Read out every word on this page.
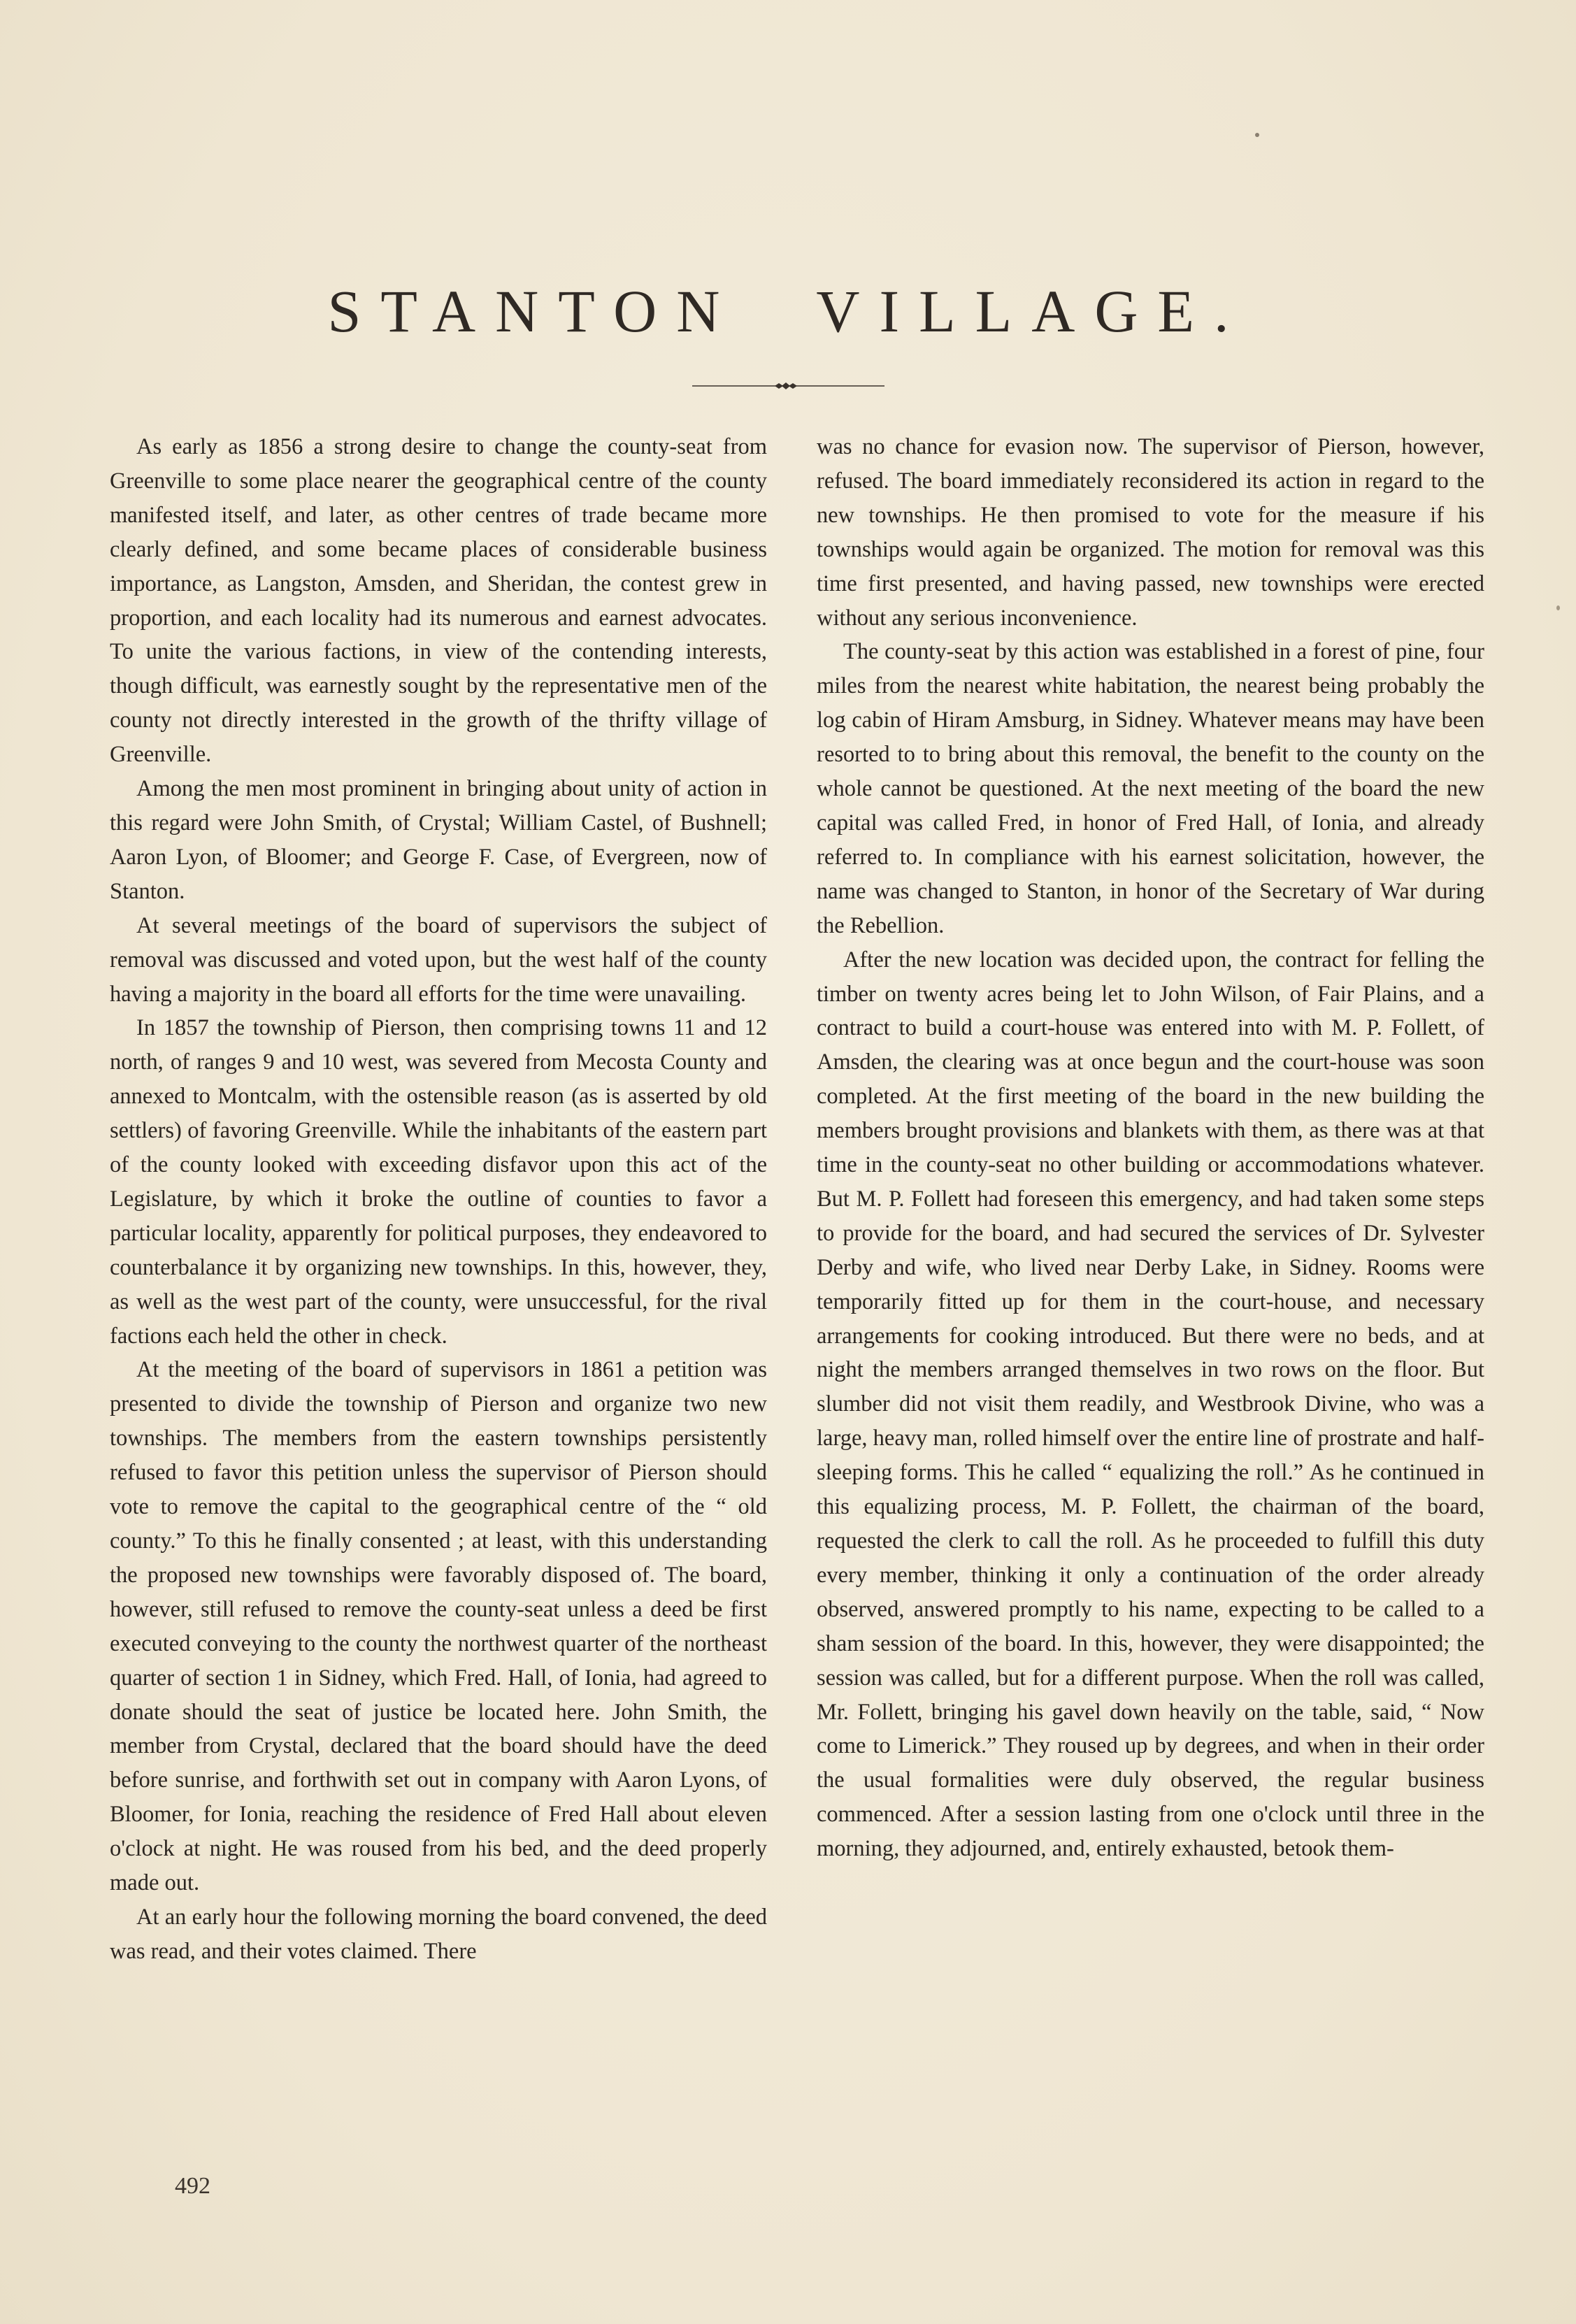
STANTON VILLAGE.

As early as 1856 a strong desire to change the county-seat from Greenville to some place nearer the geographical centre of the county manifested itself, and later, as other centres of trade became more clearly defined, and some became places of considerable business importance, as Langston, Amsden, and Sheridan, the contest grew in proportion, and each locality had its numerous and earnest advocates. To unite the various factions, in view of the contending interests, though difficult, was earnestly sought by the representative men of the county not directly interested in the growth of the thrifty village of Greenville.

Among the men most prominent in bringing about unity of action in this regard were John Smith, of Crystal; William Castel, of Bushnell; Aaron Lyon, of Bloomer; and George F. Case, of Evergreen, now of Stanton.

At several meetings of the board of supervisors the subject of removal was discussed and voted upon, but the west half of the county having a majority in the board all efforts for the time were unavailing.

In 1857 the township of Pierson, then comprising towns 11 and 12 north, of ranges 9 and 10 west, was severed from Mecosta County and annexed to Montcalm, with the ostensible reason (as is asserted by old settlers) of favoring Greenville. While the inhabitants of the eastern part of the county looked with exceeding disfavor upon this act of the Legislature, by which it broke the outline of counties to favor a particular locality, apparently for political purposes, they endeavored to counterbalance it by organizing new townships. In this, however, they, as well as the west part of the county, were unsuccessful, for the rival factions each held the other in check.

At the meeting of the board of supervisors in 1861 a petition was presented to divide the township of Pierson and organize two new townships. The members from the eastern townships persistently refused to favor this petition unless the supervisor of Pierson should vote to remove the capital to the geographical centre of the “ old county.” To this he finally consented ; at least, with this understanding the proposed new townships were favorably disposed of. The board, however, still refused to remove the county-seat unless a deed be first executed conveying to the county the northwest quarter of the northeast quarter of section 1 in Sidney, which Fred. Hall, of Ionia, had agreed to donate should the seat of justice be located here. John Smith, the member from Crystal, declared that the board should have the deed before sunrise, and forthwith set out in company with Aaron Lyons, of Bloomer, for Ionia, reaching the residence of Fred Hall about eleven o'clock at night. He was roused from his bed, and the deed properly made out.

At an early hour the following morning the board convened, the deed was read, and their votes claimed. There

was no chance for evasion now. The supervisor of Pierson, however, refused. The board immediately reconsidered its action in regard to the new townships. He then promised to vote for the measure if his townships would again be organized. The motion for removal was this time first presented, and having passed, new townships were erected without any serious inconvenience.

The county-seat by this action was established in a forest of pine, four miles from the nearest white habitation, the nearest being probably the log cabin of Hiram Amsburg, in Sidney. Whatever means may have been resorted to to bring about this removal, the benefit to the county on the whole cannot be questioned. At the next meeting of the board the new capital was called Fred, in honor of Fred Hall, of Ionia, and already referred to. In compliance with his earnest solicitation, however, the name was changed to Stanton, in honor of the Secretary of War during the Rebellion.

After the new location was decided upon, the contract for felling the timber on twenty acres being let to John Wilson, of Fair Plains, and a contract to build a court-house was entered into with M. P. Follett, of Amsden, the clearing was at once begun and the court-house was soon completed. At the first meeting of the board in the new building the members brought provisions and blankets with them, as there was at that time in the county-seat no other building or accommodations whatever. But M. P. Follett had foreseen this emergency, and had taken some steps to provide for the board, and had secured the services of Dr. Sylvester Derby and wife, who lived near Derby Lake, in Sidney. Rooms were temporarily fitted up for them in the court-house, and necessary arrangements for cooking introduced. But there were no beds, and at night the members arranged themselves in two rows on the floor. But slumber did not visit them readily, and Westbrook Divine, who was a large, heavy man, rolled himself over the entire line of prostrate and half-sleeping forms. This he called “ equalizing the roll.” As he continued in this equalizing process, M. P. Follett, the chairman of the board, requested the clerk to call the roll. As he proceeded to fulfill this duty every member, thinking it only a continuation of the order already observed, answered promptly to his name, expecting to be called to a sham session of the board. In this, however, they were disappointed; the session was called, but for a different purpose. When the roll was called, Mr. Follett, bringing his gavel down heavily on the table, said, “ Now come to Limerick.” They roused up by degrees, and when in their order the usual formalities were duly observed, the regular business commenced. After a session lasting from one o'clock until three in the morning, they adjourned, and, entirely exhausted, betook them-

492
